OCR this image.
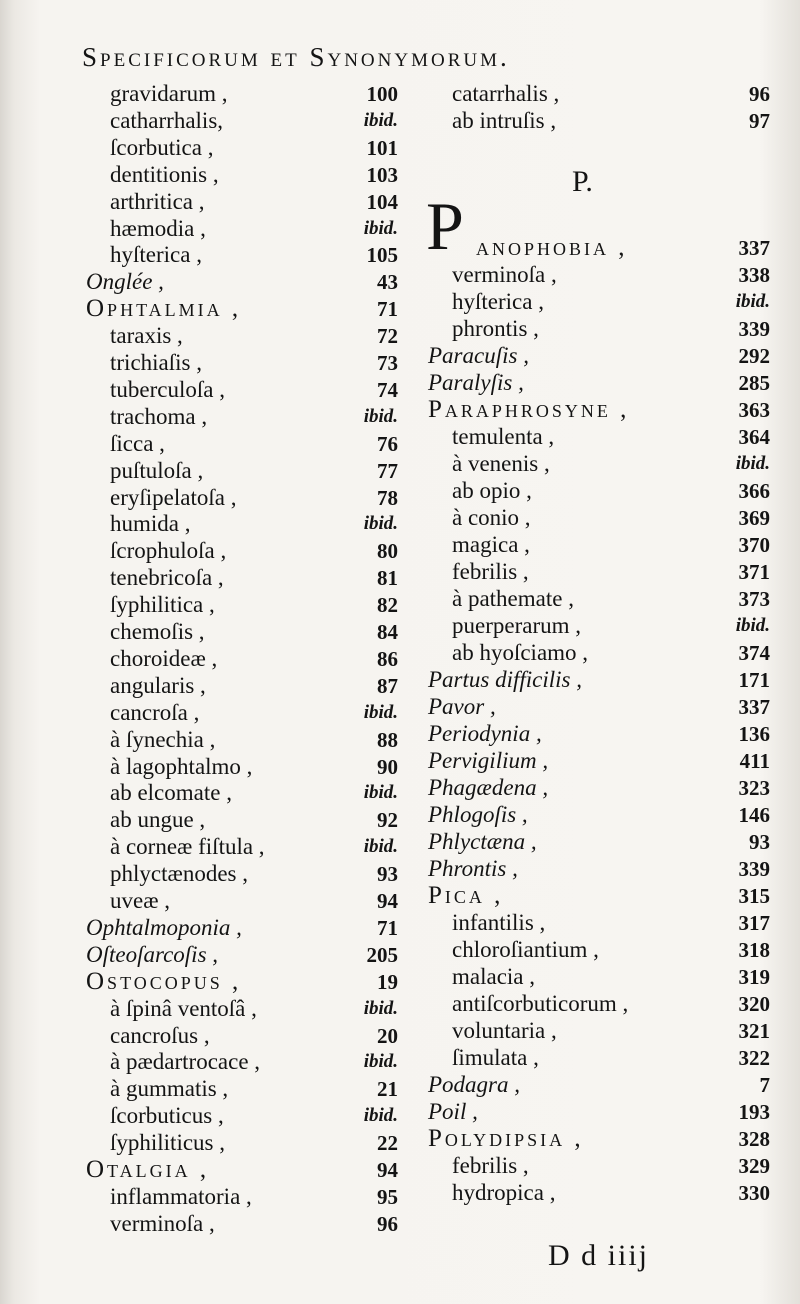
Specificorum et Synonymorum.
gravidarum ,	100
catharrhalis,	ibid.
ſcorbutica ,	101
dentitionis ,	103
arthritica ,	104
hæmodia ,	ibid.
hyſterica ,	105
Onglée ,	43
Ophtalmia ,	71
taraxis ,	72
trichiaſis ,	73
tuberculoſa ,	74
trachoma ,	ibid.
ſicca ,	76
puſtuloſa ,	77
eryſipelatoſa ,	78
humida ,	ibid.
ſcrophuloſa ,	80
tenebricoſa ,	81
ſyphilitica ,	82
chemoſis ,	84
choroideæ ,	86
angularis ,	87
cancroſa ,	ibid.
à ſynechia ,	88
à lagophtalmo ,	90
ab elcomate ,	ibid.
ab ungue ,	92
à corneæ fiſtula ,	ibid.
phlyctænodes ,	93
uveæ ,	94
Ophtalmoponia ,	71
Oſteoſarcoſis ,	205
Ostocopus ,	19
à ſpinâ ventoſâ ,	ibid.
cancroſus ,	20
à pædartrocace ,	ibid.
à gummatis ,	21
ſcorbuticus ,	ibid.
ſyphiliticus ,	22
Otalgia ,	94
inflammatoria ,	95
verminoſa ,	96
catarrhalis ,	96
ab intruſis ,	97
anophobia ,	337
verminoſa ,	338
hyſterica ,	ibid.
phrontis ,	339
Paracuſis ,	292
Paralyſis ,	285
Paraphrosyne ,	363
temulenta ,	364
à venenis ,	ibid.
ab opio ,	366
à conio ,	369
magica ,	370
febrilis ,	371
à pathemate ,	373
puerperarum ,	ibid.
ab hyoſciamo ,	374
Partus difficilis ,	171
Pavor ,	337
Periodynia ,	136
Pervigilium ,	411
Phagædena ,	323
Phlogoſis ,	146
Phlyctæna ,	93
Phrontis ,	339
Pica ,	315
infantilis ,	317
chloroſiantium ,	318
malacia ,	319
antiſcorbuticorum ,	320
voluntaria ,	321
ſimulata ,	322
Podagra ,	7
Poil ,	193
Polydipsia ,	328
febrilis ,	329
hydropica ,	330
P.
P
D d iiij
